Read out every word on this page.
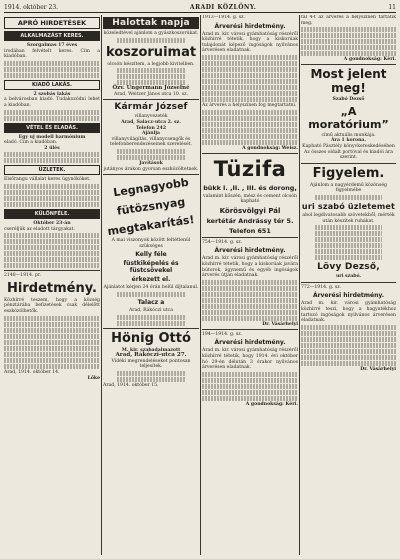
1914. október 23.	ARADI KÖZLÖNY.	11
APRÓ HIRDETÉSEK
ALKALMAZÁST KERES.
Szorgalmas 17 éves
irodában felvételt keres. Cím a kiadóban.
KIADÓ LAKÁS.
2 szobás lakás
a belvárosban kiadó. Tudakozódni lehet a kiadóban.
VÉTEL ÉS ELADÁS.
Egy uj modell harmónium
eladó. Cím a kiadóban.
2 ülés
ÜZLETEK.
Elsőrangu vállalat keres ügynököket.
KÜLÖNFÉLE.
Október 23-án
cseréljük az eladott tárgyakat.
2148—1914. pr.
Hirdetmény.
Közhírré teszem, hogy a község pénztárába befizetések csak délelőtt eszközölhetők.
Arad, 1914. október 14.
Lőke
Halottak napja
közeledtével ajánlom a gyászkoszorúkat.
koszoruimat
olcsón készítem, a legjobb kivitelben.
Özv. Ungermann Józsefné
Arad, Weitzer János utca 10. sz.
Kármár József
villanyvezeték
Arad, Salacz-utca 2. sz.
Telefon 242
Ajánlja
villanyvilágítás, villanycsengők és telefonberendezéseinek szerelését.
Javítások
jutányos árakon gyorsan eszközöltetnek.
Legnagyobb
fütözsnyag
megtakarítás!
A mai viszonyok között feltétlenül szükséges
Kelly féle
füstkiképelés és füstcsövekel
érkezett el.
Ajánlatot kérjen 24 órán belül díjtalanul.
Talacz a
Arad, Rákóczi utca
Hönig Ottó
M. kir. szabadalmazott
Arad, Rákóczi-utca 27.
Vidéki megrendeléseket pontosan teljesítek.
Arad, 1914. október 15.
1913—1914. g. sz.
Árverési hirdetmény.
Arad m. kir. városi gyámhatóság részéről közhírré tétetik, hogy a kiskorúak tulajdonát képező ingóságok nyilvános árverésen eladatnak.
Az árverés a helyszínen fog megtartatni.
A gondnokság: Weisz.
Tüzifa
bükk I. ,II. , III. és dorong,
valamint kőszén, mész és cement olcsón kapható
Körösvölgyi Pál
kertétár Andrássy tér 5.
Telefon 651
754—1914. g. sz.
Árverési hirdetmény.
Arad m. kir. városi gyámhatóság részéről közhírré tétetik, hogy a kiskorúak javára bútorok, ágynemű és egyéb ingóságok árverés útján eladatnak.
Dr. Vásárhelyi
194—1914. g. sz.
Árverési hirdetmény.
Arad m. kir. városi gyámhatóság részéről közhírré tétetik, hogy 1914. évi október hó 29-én délután 3 órakor nyilvános árverésen eladatnak.
A gondnokság: Kéri.
tal 4-t az árverés a helyszínen tartatik meg.
A gondnokság: Kéri.
Most jelent meg!
Szabó Dezső
„A moratórium”
című aktuális munkája.
Ára 1 korona.
Kapható Pásztély könyvkereskedésében
Az összes oldalt portóval és kiadói ára szerint.
Figyelem.
Ajánlom a nagyérdemű közönség figyelmébe
uri szabó üzletemet
ahol legdivatosabb szövetekből, mérték után készítek ruhákat.
Lövy Dezső,
uri szabó.
772—1914. g. sz.
Árverési hirdetmény.
Arad m. kir. városi gyámhatóság közhírré teszi, hogy a hagyatékhoz tartozó ingóságok nyilvános árverésen eladatnak.
Dr. Vásárhelyi
